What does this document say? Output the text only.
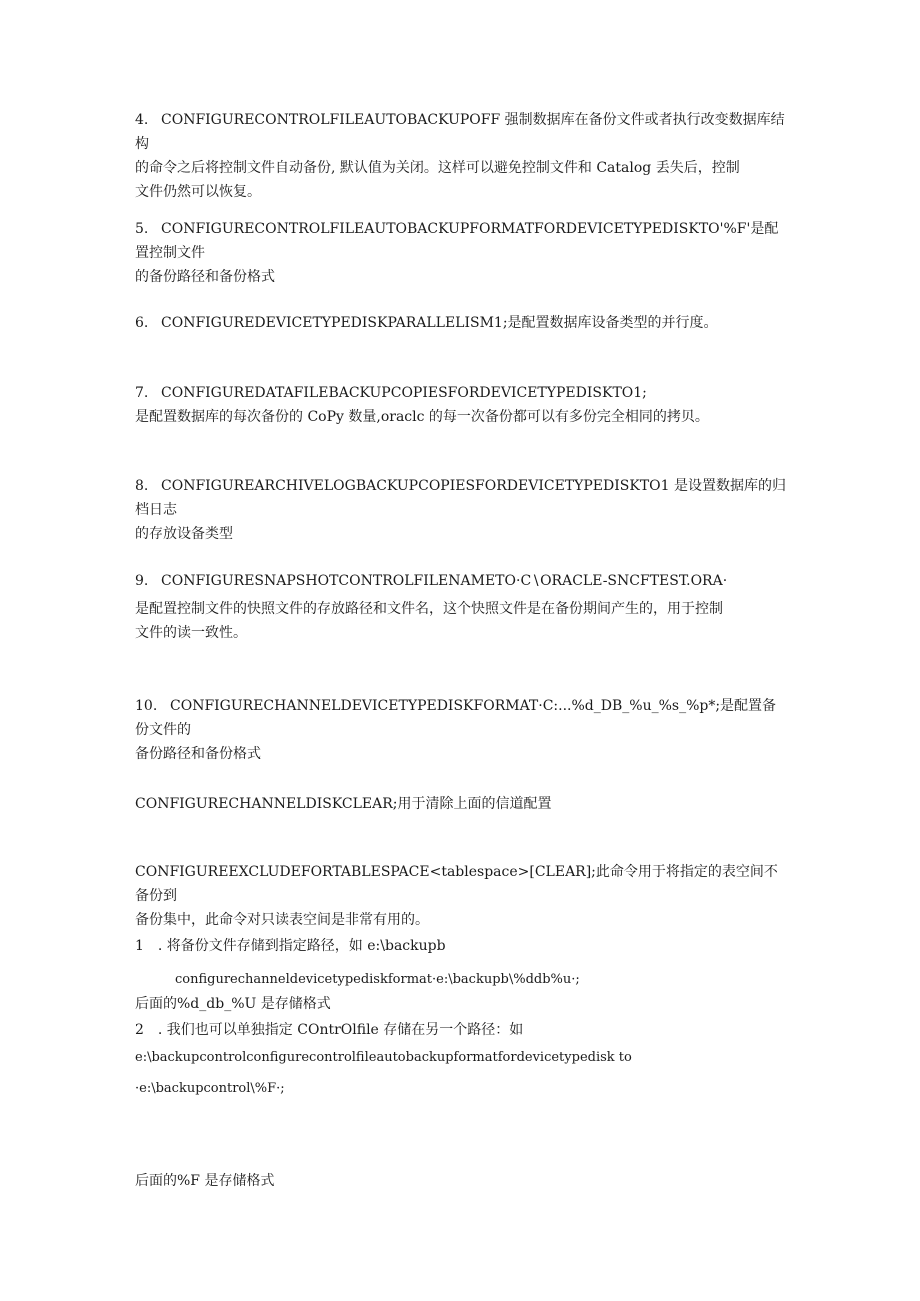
4. CONFIGURECONTROLFILEAUTOBACKUPOFF 强制数据库在备份文件或者执行改变数据库结构
的命令之后将控制文件自动备份, 默认值为关闭。这样可以避免控制文件和 Catalog 丢失后，控制
文件仍然可以恢复。

5. CONFIGURECONTROLFILEAUTOBACKUPFORMATFORDEVICETYPEDISKTO'%F'是配置控制文件
的备份路径和备份格式

6. CONFIGUREDEVICETYPEDISKPARALLELISM1;是配置数据库设备类型的并行度。

7. CONFIGUREDATAFILEBACKUPCOPIESFORDEVICETYPEDISKTO1;
是配置数据库的每次备份的 CoPy 数量,oraclc 的每一次备份都可以有多份完全相同的拷贝。

8. CONFIGUREARCHIVELOGBACKUPCOPIESFORDEVICETYPEDISKTO1 是设置数据库的归档日志
的存放设备类型

9. CONFIGURESNAPSHOTCONTROLFILENAMETO·C∖ORACLE-SNCFTEST.ORA·
是配置控制文件的快照文件的存放路径和文件名，这个快照文件是在备份期间产生的，用于控制
文件的读一致性。

10. CONFIGURECHANNELDEVICETYPEDISKFORMAT·C:...%d_DB_%u_%s_%p*;是配置备份文件的
备份路径和备份格式

CONFIGURECHANNELDISKCLEAR;用于清除上面的信道配置

CONFIGUREEXCLUDEFORTABLESPACE<tablespace>[CLEAR];此命令用于将指定的表空间不备份到
备份集中，此命令对只读表空间是非常有用的。

1　. 将备份文件存储到指定路径，如 e:\backupb

configurechanneldevicetypediskformat·e:\backupb\%ddb%u·;

后面的%d_db_%U 是存储格式

2　. 我们也可以单独指定 COntrOlfile 存储在另一个路径：如

e:\backupcontrolconfigurecontrolfileautobackupformatfordevicetypedisk to

·e:\backupcontrol\%F·;

后面的%F 是存储格式
